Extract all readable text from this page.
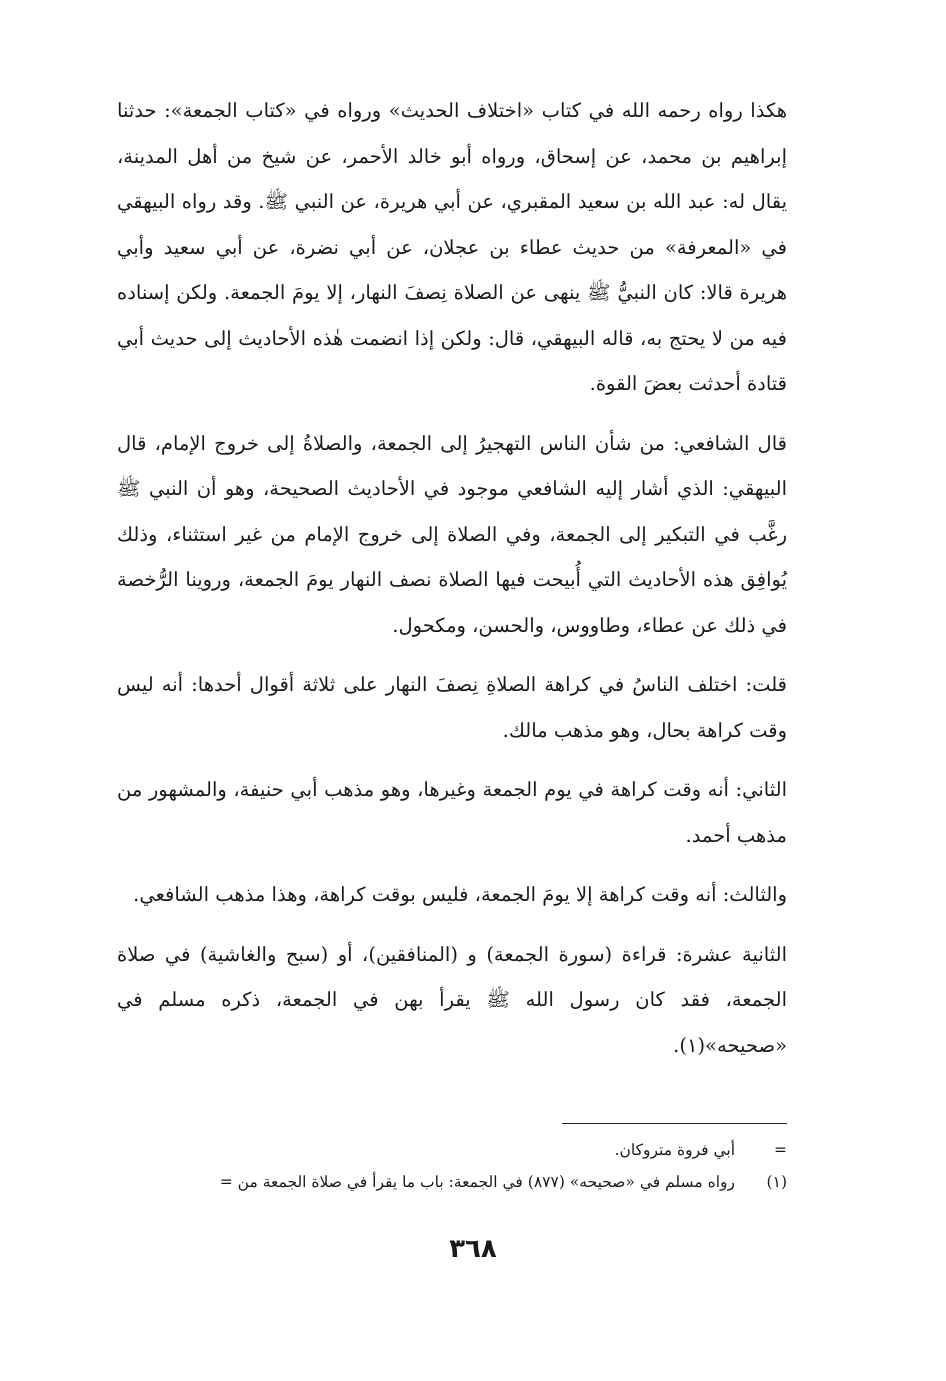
هكذا رواه رحمه الله في كتاب «اختلاف الحديث» ورواه في «كتاب الجمعة»: حدثنا إبراهيم بن محمد، عن إسحاق، ورواه أبو خالد الأحمر، عن شيخ من أهل المدينة، يقال له: عبد الله بن سعيد المقبري، عن أبي هريرة، عن النبي ﷺ. وقد رواه البيهقي في «المعرفة» من حديث عطاء بن عجلان، عن أبي نضرة، عن أبي سعيد وأبي هريرة قالا: كان النبيُّ ﷺ ينهى عن الصلاة نِصفَ النهار، إلا يومَ الجمعة. ولكن إسناده فيه من لا يحتج به، قاله البيهقي، قال: ولكن إذا انضمت هٰذه الأحاديث إلى حديث أبي قتادة أحدثت بعضَ القوة.

قال الشافعي: من شأن الناس التهجيرُ إلى الجمعة، والصلاةُ إلى خروج الإمام، قال البيهقي: الذي أشار إليه الشافعي موجود في الأحاديث الصحيحة، وهو أن النبي ﷺ رغَّب في التبكير إلى الجمعة، وفي الصلاة إلى خروج الإمام من غير استثناء، وذلك يُوافِق هذه الأحاديث التي أُبيحت فيها الصلاة نصف النهار يومَ الجمعة، وروينا الرُّخصة في ذلك عن عطاء، وطاووس، والحسن، ومكحول.

قلت: اختلف الناسُ في كراهة الصلاةِ نِصفَ النهار على ثلاثة أقوال أحدها: أنه ليس وقت كراهة بحال، وهو مذهب مالك.

الثاني: أنه وقت كراهة في يوم الجمعة وغيرها، وهو مذهب أبي حنيفة، والمشهور من مذهب أحمد.

والثالث: أنه وقت كراهة إلا يومَ الجمعة، فليس بوقت كراهة، وهذا مذهب الشافعي.

الثانية عشرة: قراءة (سورة الجمعة) و (المنافقين)، أو (سبح والغاشية) في صلاة الجمعة، فقد كان رسول الله ﷺ يقرأ بهن في الجمعة، ذكره مسلم في «صحيحه»(١).

=
أبي فروة متروكان.

(١)
رواه مسلم في «صحيحه» (٨٧٧) في الجمعة: باب ما يقرأ في صلاة الجمعة من =

٣٦٨
